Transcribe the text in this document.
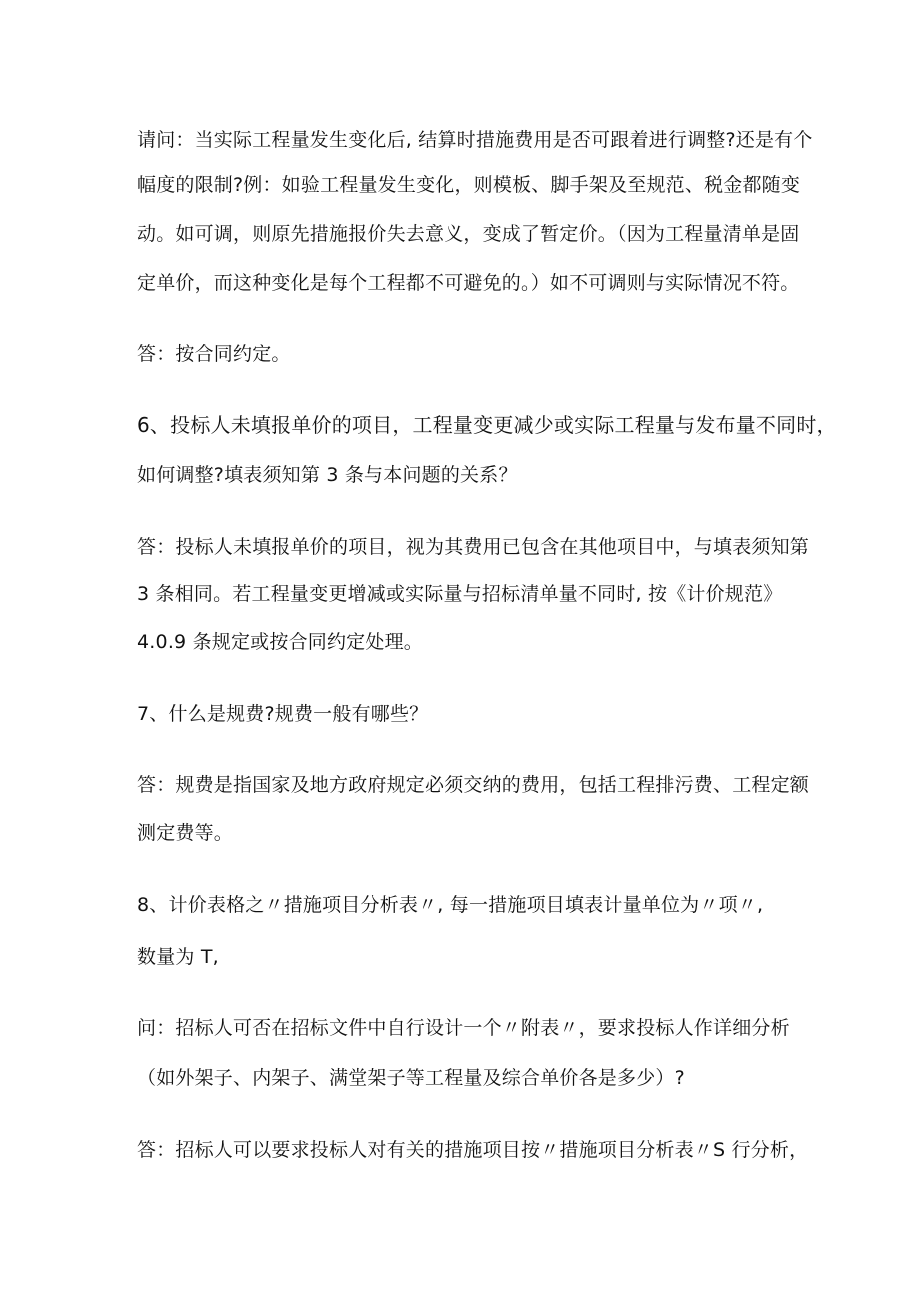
请问：当实际工程量发生变化后, 结算时措施费用是否可跟着进行调整?还是有个
幅度的限制?例：如验工程量发生变化，则模板、脚手架及至规范、税金都随变
动。如可调，则原先措施报价失去意义，变成了暂定价。（因为工程量清单是固
定单价，而这种变化是每个工程都不可避免的。）如不可调则与实际情况不符。
答：按合同约定。
6、投标人未填报单价的项目，工程量变更减少或实际工程量与发布量不同时，
如何调整?填表须知第 3 条与本问题的关系？
答：投标人未填报单价的项目，视为其费用已包含在其他项目中，与填表须知第
3 条相同。若工程量变更增减或实际量与招标清单量不同时, 按《计价规范》
4.0.9 条规定或按合同约定处理。
7、什么是规费?规费一般有哪些？
答：规费是指国家及地方政府规定必须交纳的费用，包括工程排污费、工程定额
测定费等。
8、计价表格之〃措施项目分析表〃, 每一措施项目填表计量单位为〃项〃,
数量为 T,
问：招标人可否在招标文件中自行设计一个〃附表〃，要求投标人作详细分析
（如外架子、内架子、满堂架子等工程量及综合单价各是多少）?
答：招标人可以要求投标人对有关的措施项目按〃措施项目分析表〃S 行分析，
